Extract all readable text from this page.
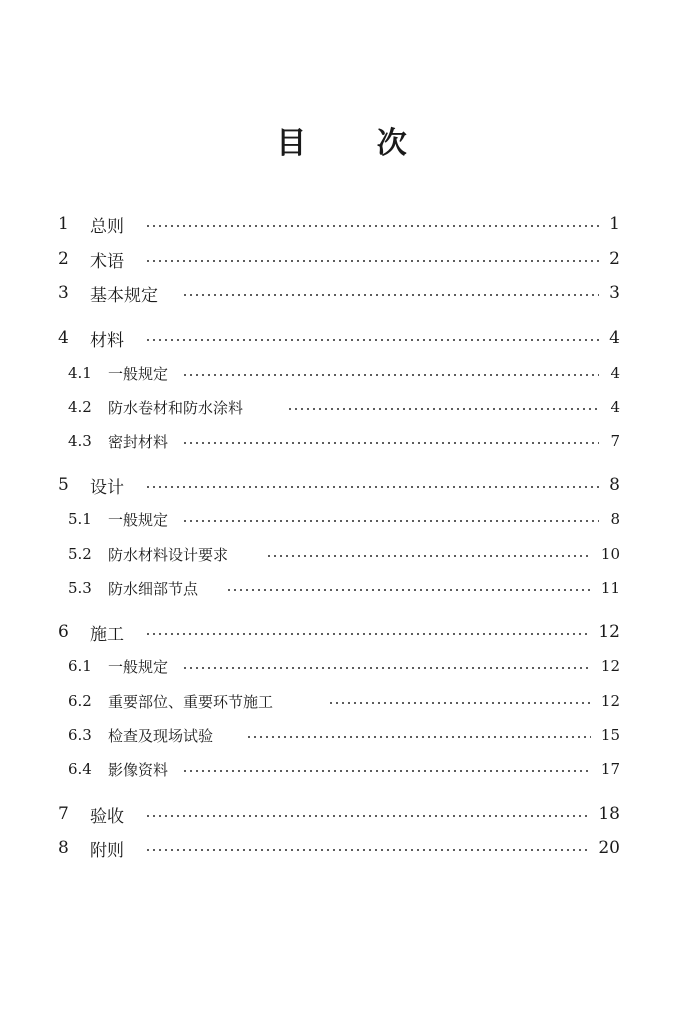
目 次
1 总则	1
2 术语	2
3 基本规定	3
4 材料	4
4.1 一般规定	4
4.2 防水卷材和防水涂料	4
4.3 密封材料	7
5 设计	8
5.1 一般规定	8
5.2 防水材料设计要求	10
5.3 防水细部节点	11
6 施工	12
6.1 一般规定	12
6.2 重要部位、重要环节施工	12
6.3 检查及现场试验	15
6.4 影像资料	17
7 验收	18
8 附则	20
